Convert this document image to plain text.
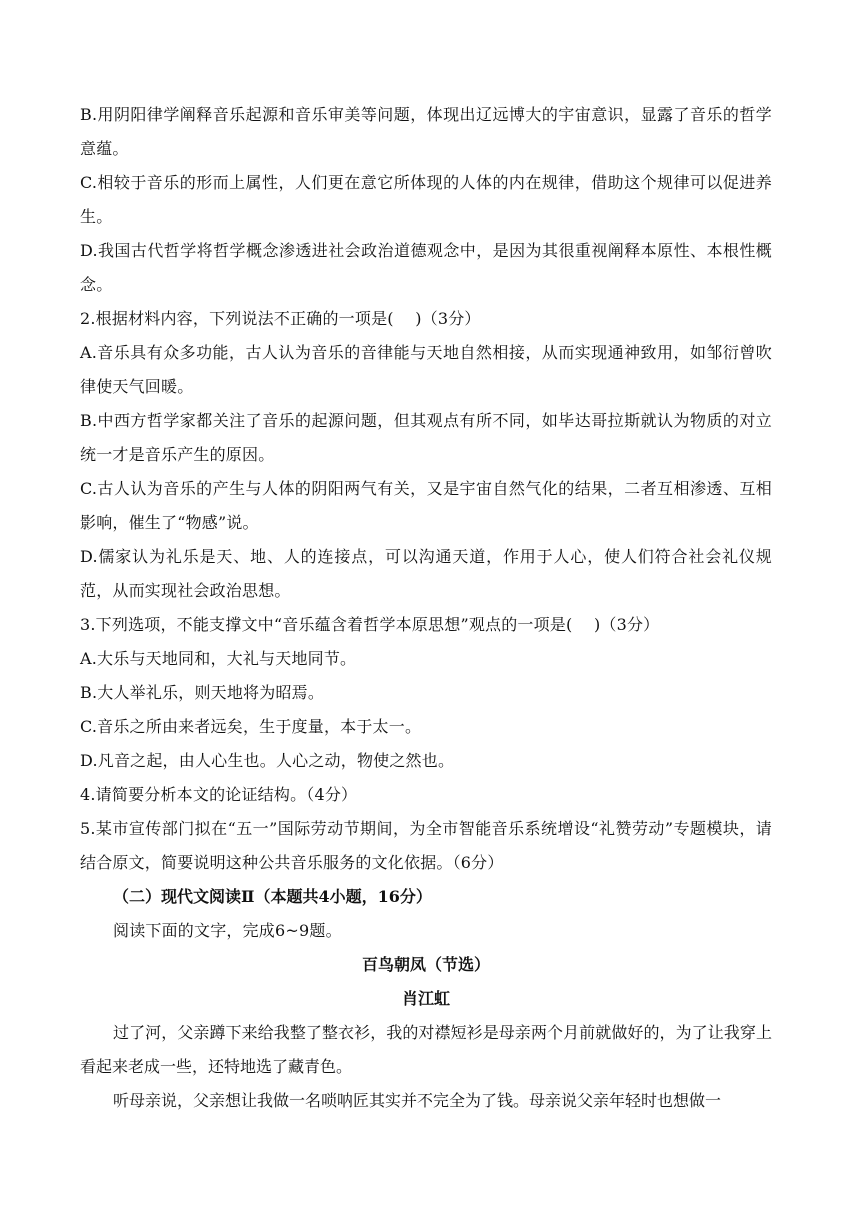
B.用阴阳律学阐释音乐起源和音乐审美等问题，体现出辽远博大的宇宙意识，显露了音乐的哲学意蕴。

C.相较于音乐的形而上属性，人们更在意它所体现的人体的内在规律，借助这个规律可以促进养生。

D.我国古代哲学将哲学概念渗透进社会政治道德观念中，是因为其很重视阐释本原性、本根性概念。

2.根据材料内容，下列说法不正确的一项是(　 )（3分）

A.音乐具有众多功能，古人认为音乐的音律能与天地自然相接，从而实现通神致用，如邹衍曾吹律使天气回暖。

B.中西方哲学家都关注了音乐的起源问题，但其观点有所不同，如毕达哥拉斯就认为物质的对立统一才是音乐产生的原因。

C.古人认为音乐的产生与人体的阴阳两气有关，又是宇宙自然气化的结果，二者互相渗透、互相影响，催生了“物感”说。

D.儒家认为礼乐是天、地、人的连接点，可以沟通天道，作用于人心，使人们符合社会礼仪规范，从而实现社会政治思想。

3.下列选项，不能支撑文中“音乐蕴含着哲学本原思想”观点的一项是(　 )（3分）

A.大乐与天地同和，大礼与天地同节。

B.大人举礼乐，则天地将为昭焉。

C.音乐之所由来者远矣，生于度量，本于太一。

D.凡音之起，由人心生也。人心之动，物使之然也。

4.请简要分析本文的论证结构。（4分）

5.某市宣传部门拟在“五一”国际劳动节期间，为全市智能音乐系统增设“礼赞劳动”专题模块，请结合原文，简要说明这种公共音乐服务的文化依据。（6分）

（二）现代文阅读Ⅱ（本题共4小题，16分）

阅读下面的文字，完成6~9题。

百鸟朝凤（节选）

肖江虹

过了河，父亲蹲下来给我整了整衣衫，我的对襟短衫是母亲两个月前就做好的，为了让我穿上看起来老成一些，还特地选了藏青色。

听母亲说，父亲想让我做一名唢呐匠其实并不完全为了钱。母亲说父亲年轻时也想做一
